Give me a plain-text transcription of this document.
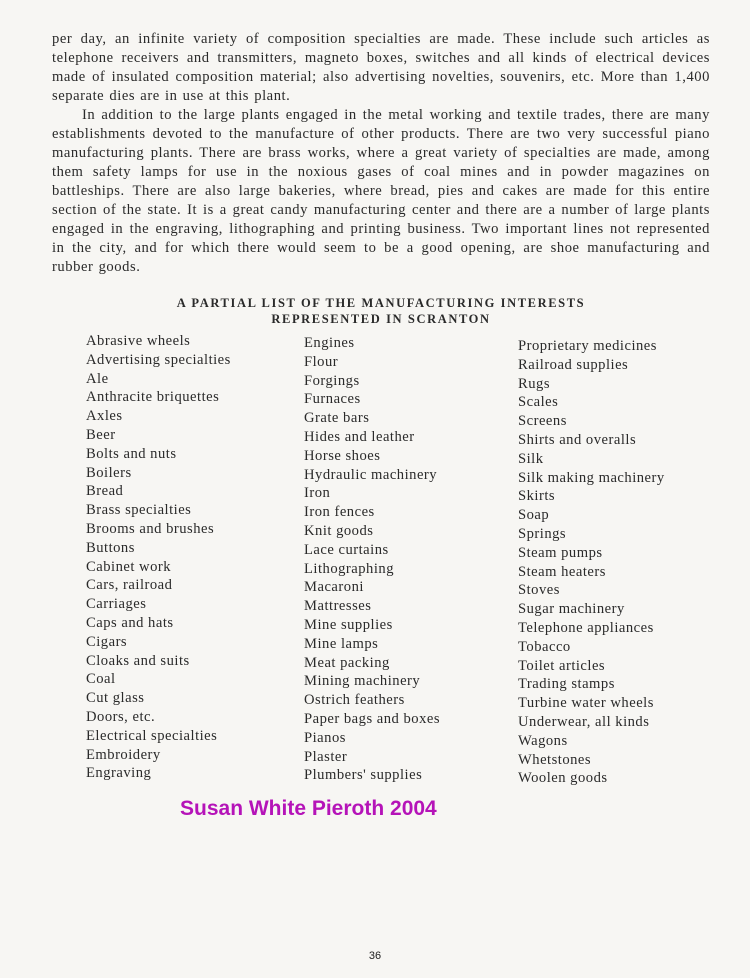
per day, an infinite variety of composition specialties are made. These include such articles as telephone receivers and transmitters, magneto boxes, switches and all kinds of electrical devices made of insulated composition material; also advertising novelties, souvenirs, etc. More than 1,400 separate dies are in use at this plant.

In addition to the large plants engaged in the metal working and textile trades, there are many establishments devoted to the manufacture of other products. There are two very successful piano manufacturing plants. There are brass works, where a great variety of specialties are made, among them safety lamps for use in the noxious gases of coal mines and in powder magazines on battleships. There are also large bakeries, where bread, pies and cakes are made for this entire section of the state. It is a great candy manufacturing center and there are a number of large plants engaged in the engraving, lithographing and printing business. Two important lines not represented in the city, and for which there would seem to be a good opening, are shoe manufacturing and rubber goods.

A PARTIAL LIST OF THE MANUFACTURING INTERESTS
REPRESENTED IN SCRANTON
Abrasive wheels
Advertising specialties
Ale
Anthracite briquettes
Axles
Beer
Bolts and nuts
Boilers
Bread
Brass specialties
Brooms and brushes
Buttons
Cabinet work
Cars, railroad
Carriages
Caps and hats
Cigars
Cloaks and suits
Coal
Cut glass
Doors, etc.
Electrical specialties
Embroidery
Engraving
Engines
Flour
Forgings
Furnaces
Grate bars
Hides and leather
Horse shoes
Hydraulic machinery
Iron
Iron fences
Knit goods
Lace curtains
Lithographing
Macaroni
Mattresses
Mine supplies
Mine lamps
Meat packing
Mining machinery
Ostrich feathers
Paper bags and boxes
Pianos
Plaster
Plumbers' supplies
Proprietary medicines
Railroad supplies
Rugs
Scales
Screens
Shirts and overalls
Silk
Silk making machinery
Skirts
Soap
Springs
Steam pumps
Steam heaters
Stoves
Sugar machinery
Telephone appliances
Tobacco
Toilet articles
Trading stamps
Turbine water wheels
Underwear, all kinds
Wagons
Whetstones
Woolen goods
Susan White Pieroth 2004
36
